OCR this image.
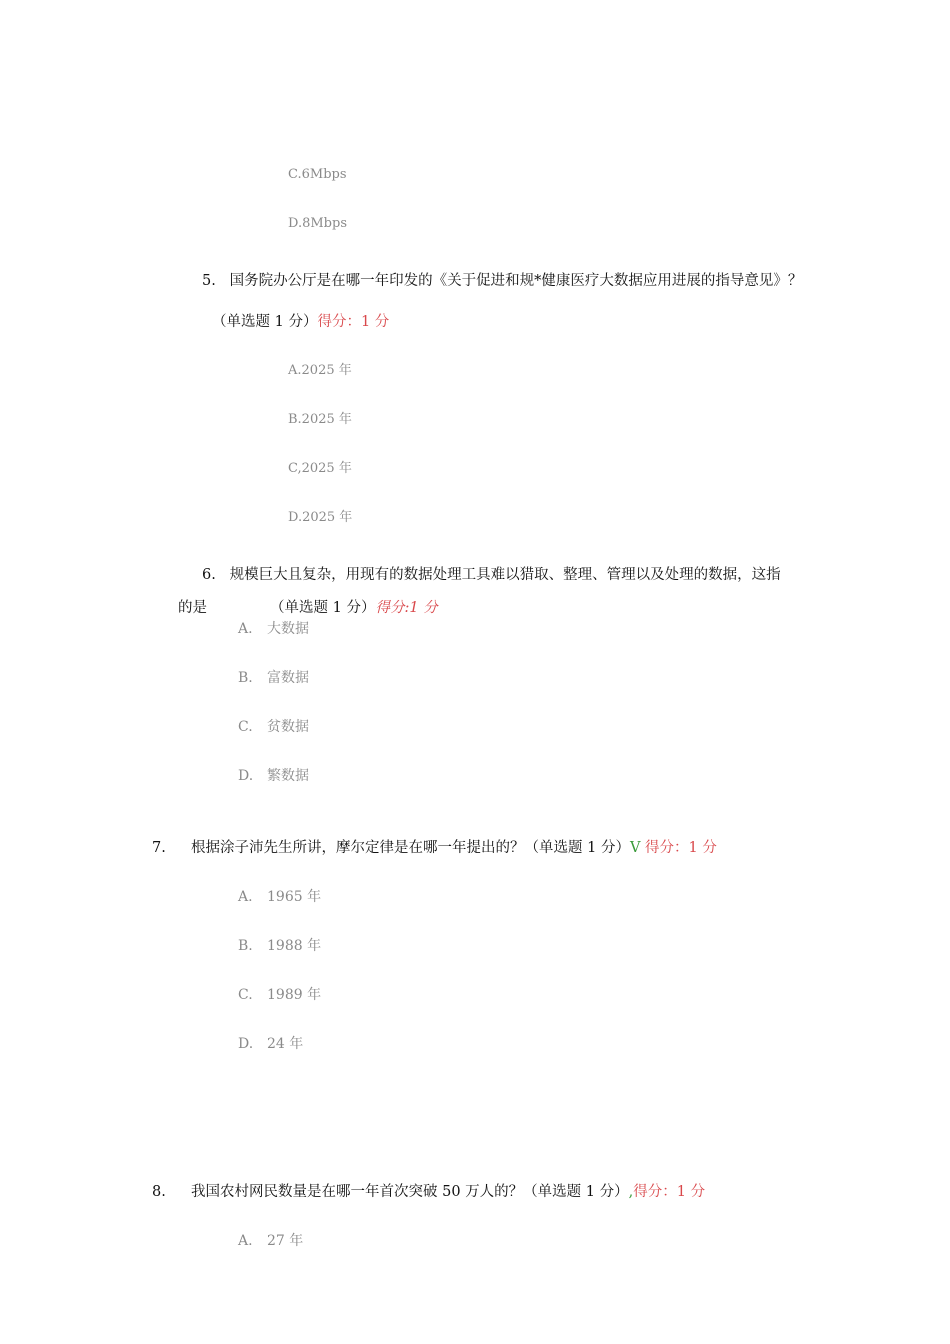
C.6Mbps
D.8Mbps
5. 国务院办公厅是在哪一年印发的《关于促进和规*健康医疗大数据应用进展的指导意见》？
（单选题 1 分）得分：1 分
A.2025 年
B.2025 年
C,2025 年
D.2025 年
6. 规模巨大且复杂，用现有的数据处理工具难以猎取、整理、管理以及处理的数据，这指
的是	（单选题 1 分）得分:1 分
A. 大数据
B. 富数据
C. 贫数据
D. 繁数据
7. 根据涂子沛先生所讲，摩尔定律是在哪一年提出的？（单选题 1 分）V 得分：1 分
A. 1965 年
B. 1988 年
C. 1989 年
D. 24 年
8. 我国农村网民数量是在哪一年首次突破 50 万人的？（单选题 1 分）,得分：1 分
A. 27 年
